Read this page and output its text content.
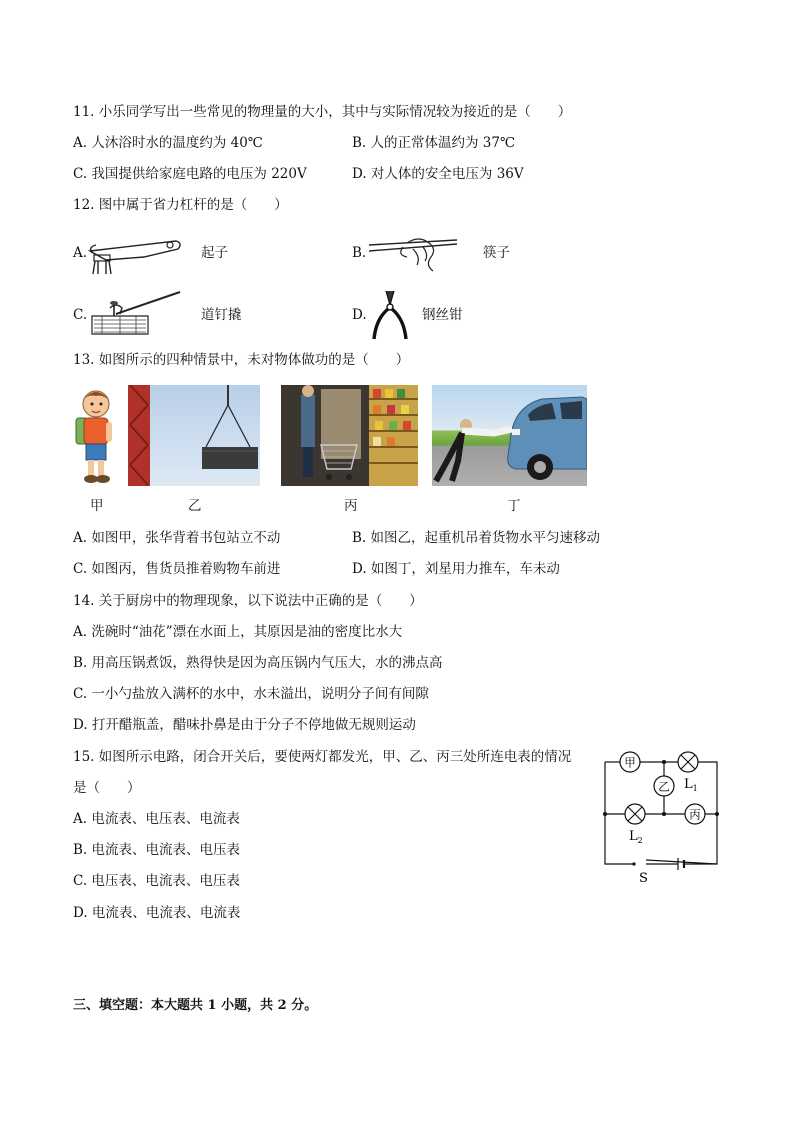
11. 小乐同学写出一些常见的物理量的大小，其中与实际情况较为接近的是（　　）
A. 人沐浴时水的温度约为 40℃	B. 人的正常体温约为 37℃
C. 我国提供给家庭电路的电压为 220V	D. 对人体的安全电压为 36V
12. 图中属于省力杠杆的是（　　）
A.	起子	B.	筷子
C.	道钉撬	D.	钢丝钳
13. 如图所示的四种情景中，未对物体做功的是（　　）
甲	乙	丙	丁
A. 如图甲，张华背着书包站立不动	B. 如图乙，起重机吊着货物水平匀速移动
C. 如图丙，售货员推着购物车前进	D. 如图丁，刘星用力推车，车未动
14. 关于厨房中的物理现象，以下说法中正确的是（　　）
A. 洗碗时“油花”漂在水面上，其原因是油的密度比水大
B. 用高压锅煮饭，熟得快是因为高压锅内气压大，水的沸点高
C. 一小勺盐放入满杯的水中，水未溢出，说明分子间有间隙
D. 打开醋瓶盖，醋味扑鼻是由于分子不停地做无规则运动
15. 如图所示电路，闭合开关后，要使两灯都发光，甲、乙、丙三处所连电表的情况
是（　　）
A. 电流表、电压表、电流表
B. 电流表、电流表、电压表
C. 电压表、电流表、电压表
D. 电流表、电流表、电流表
甲
乙
丙
$L_1$
$L_2$
S
三、填空题：本大题共 1 小题，共 2 分。
